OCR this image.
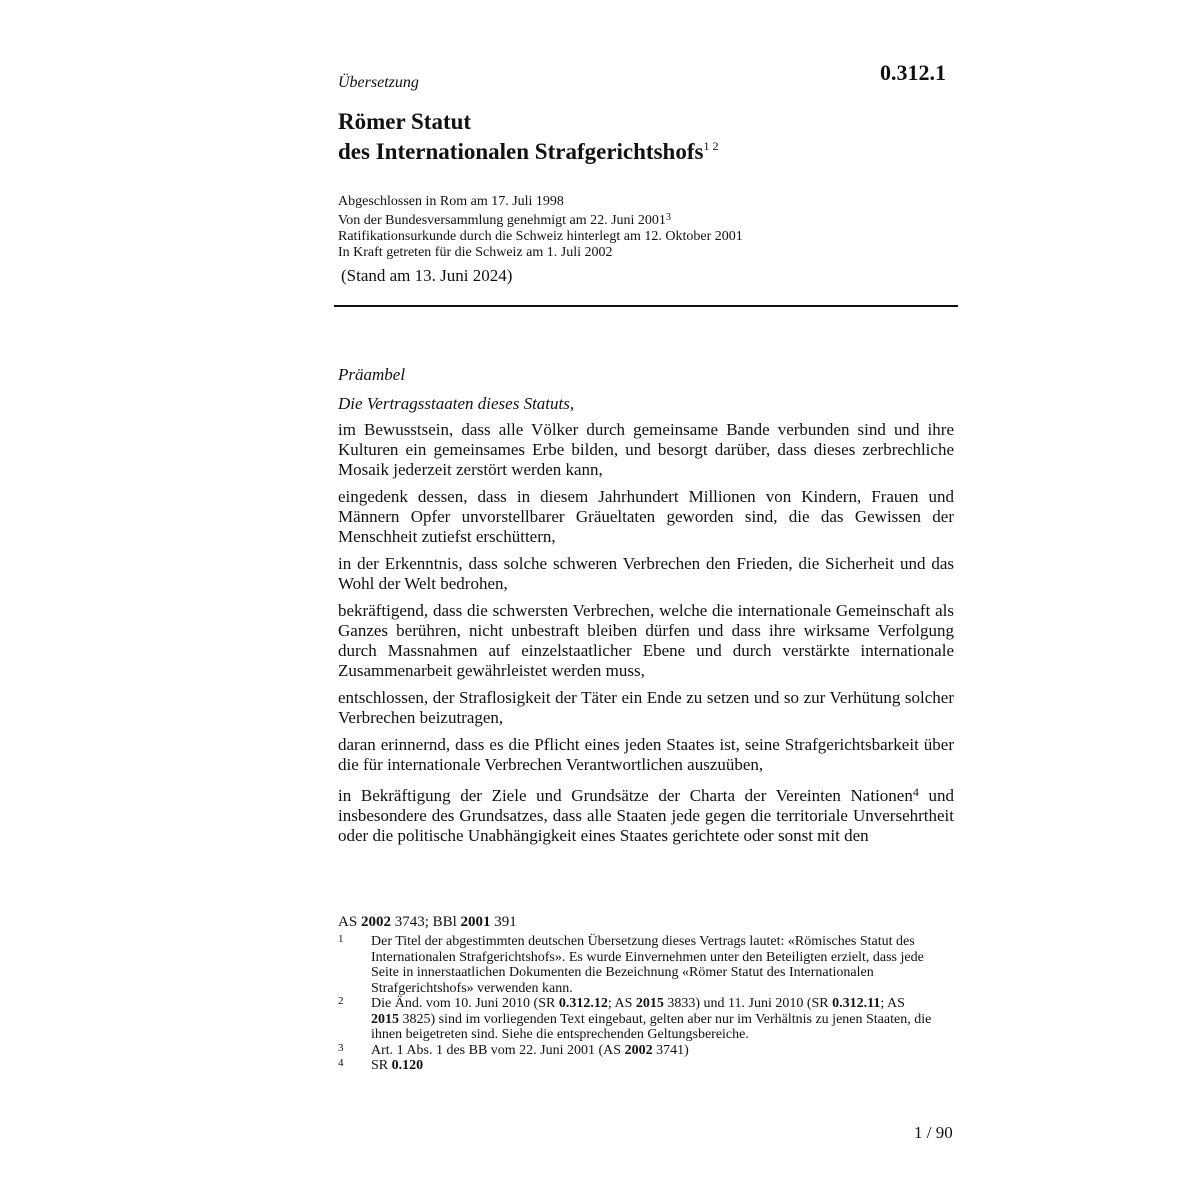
0.312.1
Übersetzung
Römer Statut
des Internationalen Strafgerichtshofs$^{1 2}$
Abgeschlossen in Rom am 17. Juli 1998
Von der Bundesversammlung genehmigt am 22. Juni 2001$^3$
Ratifikationsurkunde durch die Schweiz hinterlegt am 12. Oktober 2001
In Kraft getreten für die Schweiz am 1. Juli 2002
(Stand am 13. Juni 2024)
Präambel
Die Vertragsstaaten dieses Statuts,

im Bewusstsein, dass alle Völker durch gemeinsame Bande verbunden sind und ihre Kulturen ein gemeinsames Erbe bilden, und besorgt darüber, dass dieses zerbrechliche Mosaik jederzeit zerstört werden kann,

eingedenk dessen, dass in diesem Jahrhundert Millionen von Kindern, Frauen und Männern Opfer unvorstellbarer Gräueltaten geworden sind, die das Gewissen der Menschheit zutiefst erschüttern,

in der Erkenntnis, dass solche schweren Verbrechen den Frieden, die Sicherheit und das Wohl der Welt bedrohen,

bekräftigend, dass die schwersten Verbrechen, welche die internationale Gemeinschaft als Ganzes berühren, nicht unbestraft bleiben dürfen und dass ihre wirksame Verfolgung durch Massnahmen auf einzelstaatlicher Ebene und durch verstärkte internationale Zusammenarbeit gewährleistet werden muss,

entschlossen, der Straflosigkeit der Täter ein Ende zu setzen und so zur Verhütung solcher Verbrechen beizutragen,

daran erinnernd, dass es die Pflicht eines jeden Staates ist, seine Strafgerichtsbarkeit über die für internationale Verbrechen Verantwortlichen auszuüben,

in Bekräftigung der Ziele und Grundsätze der Charta der Vereinten Nationen$^4$ und insbesondere des Grundsatzes, dass alle Staaten jede gegen die territoriale Unversehrtheit oder die politische Unabhängigkeit eines Staates gerichtete oder sonst mit den

AS 2002 3743; BBl 2001 391
1 Der Titel der abgestimmten deutschen Übersetzung dieses Vertrags lautet: «Römisches Statut des Internationalen Strafgerichtshofs». Es wurde Einvernehmen unter den Beteiligten erzielt, dass jede Seite in innerstaatlichen Dokumenten die Bezeichnung «Römer Statut des Internationalen Strafgerichtshofs» verwenden kann.
2 Die Änd. vom 10. Juni 2010 (SR 0.312.12; AS 2015 3833) und 11. Juni 2010 (SR 0.312.11; AS 2015 3825) sind im vorliegenden Text eingebaut, gelten aber nur im Verhältnis zu jenen Staaten, die ihnen beigetreten sind. Siehe die entsprechenden Geltungsbereiche.
3 Art. 1 Abs. 1 des BB vom 22. Juni 2001 (AS 2002 3741)
4 SR 0.120
1 / 90
